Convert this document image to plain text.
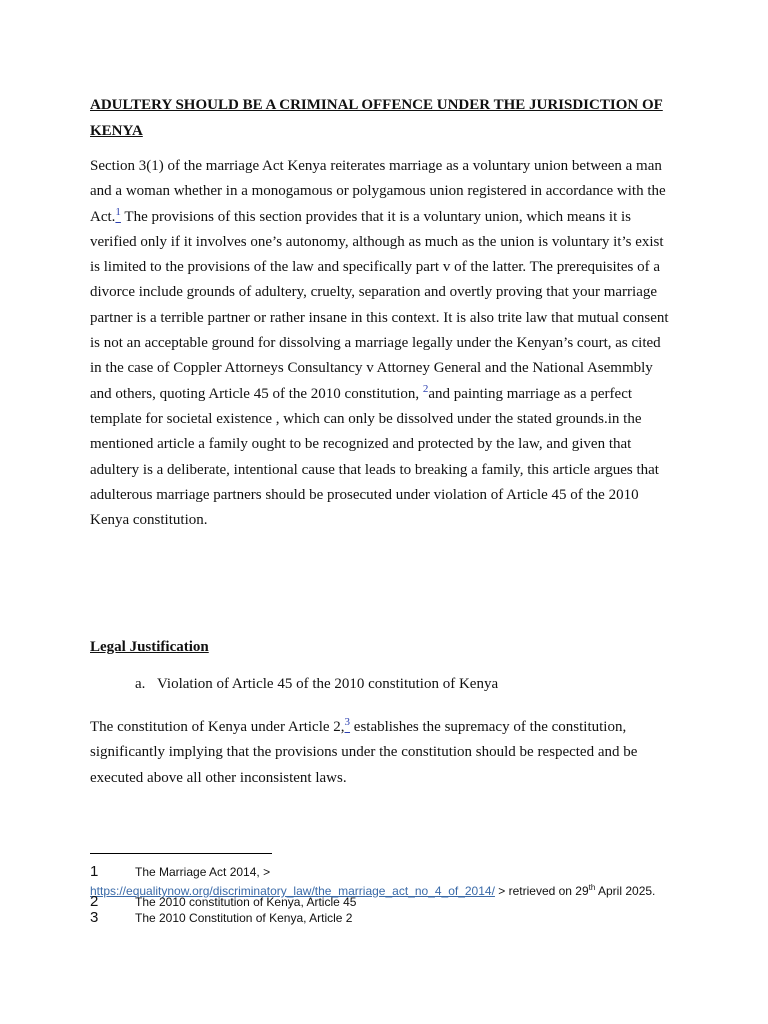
ADULTERY SHOULD BE A CRIMINAL OFFENCE UNDER THE JURISDICTION OF KENYA
Section 3(1) of the marriage Act Kenya reiterates marriage as a voluntary union between a man and a woman whether in a monogamous or polygamous union registered in accordance with the Act.$^1$ The provisions of this section provides that it is a voluntary union, which means it is verified only if it involves one’s autonomy, although as much as the union is voluntary it’s exist is limited to the provisions of the law and specifically part v of the latter. The prerequisites of a divorce include grounds of adultery, cruelty, separation and overtly proving that your marriage partner is a terrible partner or rather insane in this context. It is also trite law that mutual consent is not an acceptable ground for dissolving a marriage legally under the Kenyan’s court, as cited in the case of Coppler Attorneys Consultancy v Attorney General and the National Asemmbly and others, quoting Article 45 of the 2010 constitution, $^2$and painting marriage as a perfect template for societal existence , which can only be dissolved under the stated grounds.in the mentioned article a family ought to be recognized and protected by the law, and given that adultery is a deliberate, intentional cause that leads to breaking a family, this article argues that adulterous marriage partners should be prosecuted under violation of Article 45 of the 2010 Kenya constitution.
Legal Justification
a. Violation of Article 45 of the 2010 constitution of Kenya
The constitution of Kenya under Article 2,$^3$ establishes the supremacy of the constitution, significantly implying that the provisions under the constitution should be respected and be executed above all other inconsistent laws.
1	The Marriage Act 2014, >
https://equalitynow.org/discriminatory_law/the_marriage_act_no_4_of_2014/ > retrieved on 29th April 2025.
2	The 2010 constitution of Kenya, Article 45
3	The 2010 Constitution of Kenya, Article 2
